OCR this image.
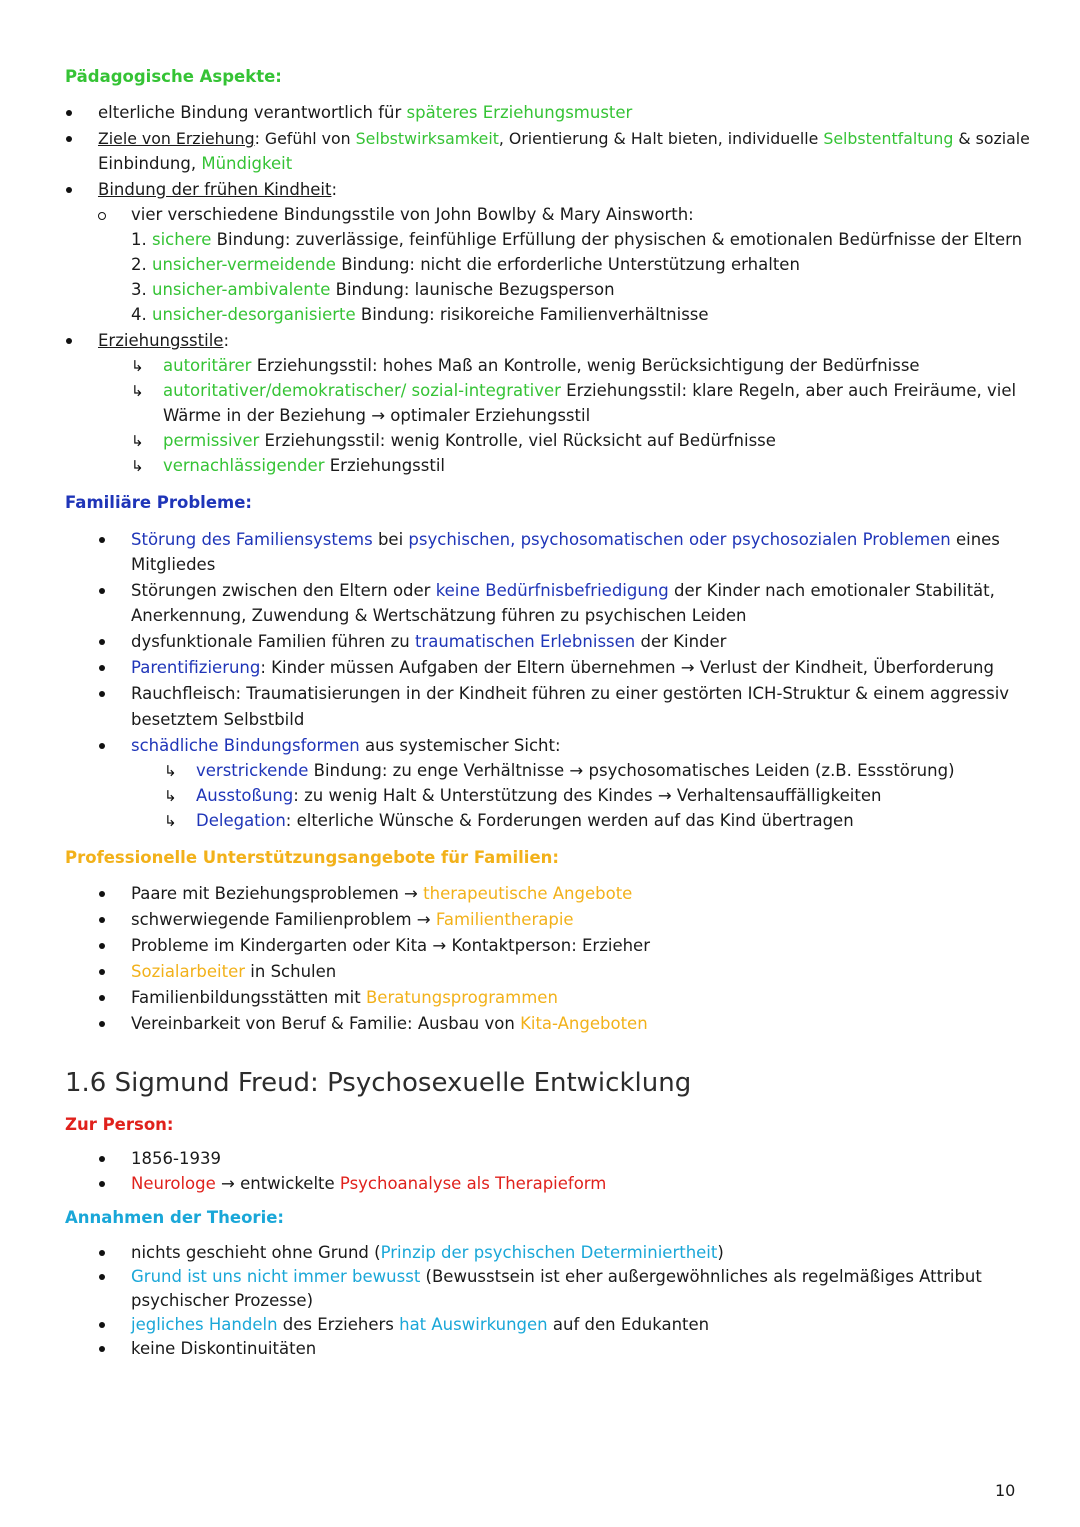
Pädagogische Aspekte:
elterliche Bindung verantwortlich für späteres Erziehungsmuster
Ziele von Erziehung: Gefühl von Selbstwirksamkeit, Orientierung & Halt bieten, individuelle Selbstentfaltung & soziale
Einbindung, Mündigkeit
Bindung der frühen Kindheit:
vier verschiedene Bindungsstile von John Bowlby & Mary Ainsworth:
1. sichere Bindung: zuverlässige, feinfühlige Erfüllung der physischen & emotionalen Bedürfnisse der Eltern
2. unsicher-vermeidende Bindung: nicht die erforderliche Unterstützung erhalten
3. unsicher-ambivalente Bindung: launische Bezugsperson
4. unsicher-desorganisierte Bindung: risikoreiche Familienverhältnisse
Erziehungsstile:
↳ autoritärer Erziehungsstil: hohes Maß an Kontrolle, wenig Berücksichtigung der Bedürfnisse
↳ autoritativer/demokratischer/ sozial-integrativer Erziehungsstil: klare Regeln, aber auch Freiräume, viel
Wärme in der Beziehung → optimaler Erziehungsstil
↳ permissiver Erziehungsstil: wenig Kontrolle, viel Rücksicht auf Bedürfnisse
↳ vernachlässigender Erziehungsstil
Familiäre Probleme:
Störung des Familiensystems bei psychischen, psychosomatischen oder psychosozialen Problemen eines
Mitgliedes
Störungen zwischen den Eltern oder keine Bedürfnisbefriedigung der Kinder nach emotionaler Stabilität,
Anerkennung, Zuwendung & Wertschätzung führen zu psychischen Leiden
dysfunktionale Familien führen zu traumatischen Erlebnissen der Kinder
Parentifizierung: Kinder müssen Aufgaben der Eltern übernehmen → Verlust der Kindheit, Überforderung
Rauchfleisch: Traumatisierungen in der Kindheit führen zu einer gestörten ICH-Struktur & einem aggressiv
besetztem Selbstbild
schädliche Bindungsformen aus systemischer Sicht:
↳ verstrickende Bindung: zu enge Verhältnisse → psychosomatisches Leiden (z.B. Essstörung)
↳ Ausstoßung: zu wenig Halt & Unterstützung des Kindes → Verhaltensauffälligkeiten
↳ Delegation: elterliche Wünsche & Forderungen werden auf das Kind übertragen
Professionelle Unterstützungsangebote für Familien:
Paare mit Beziehungsproblemen → therapeutische Angebote
schwerwiegende Familienproblem → Familientherapie
Probleme im Kindergarten oder Kita → Kontaktperson: Erzieher
Sozialarbeiter in Schulen
Familienbildungsstätten mit Beratungsprogrammen
Vereinbarkeit von Beruf & Familie: Ausbau von Kita-Angeboten
1.6 Sigmund Freud: Psychosexuelle Entwicklung
Zur Person:
1856-1939
Neurologe → entwickelte Psychoanalyse als Therapieform
Annahmen der Theorie:
nichts geschieht ohne Grund (Prinzip der psychischen Determiniertheit)
Grund ist uns nicht immer bewusst (Bewusstsein ist eher außergewöhnliches als regelmäßiges Attribut
psychischer Prozesse)
jegliches Handeln des Erziehers hat Auswirkungen auf den Edukanten
keine Diskontinuitäten
10
